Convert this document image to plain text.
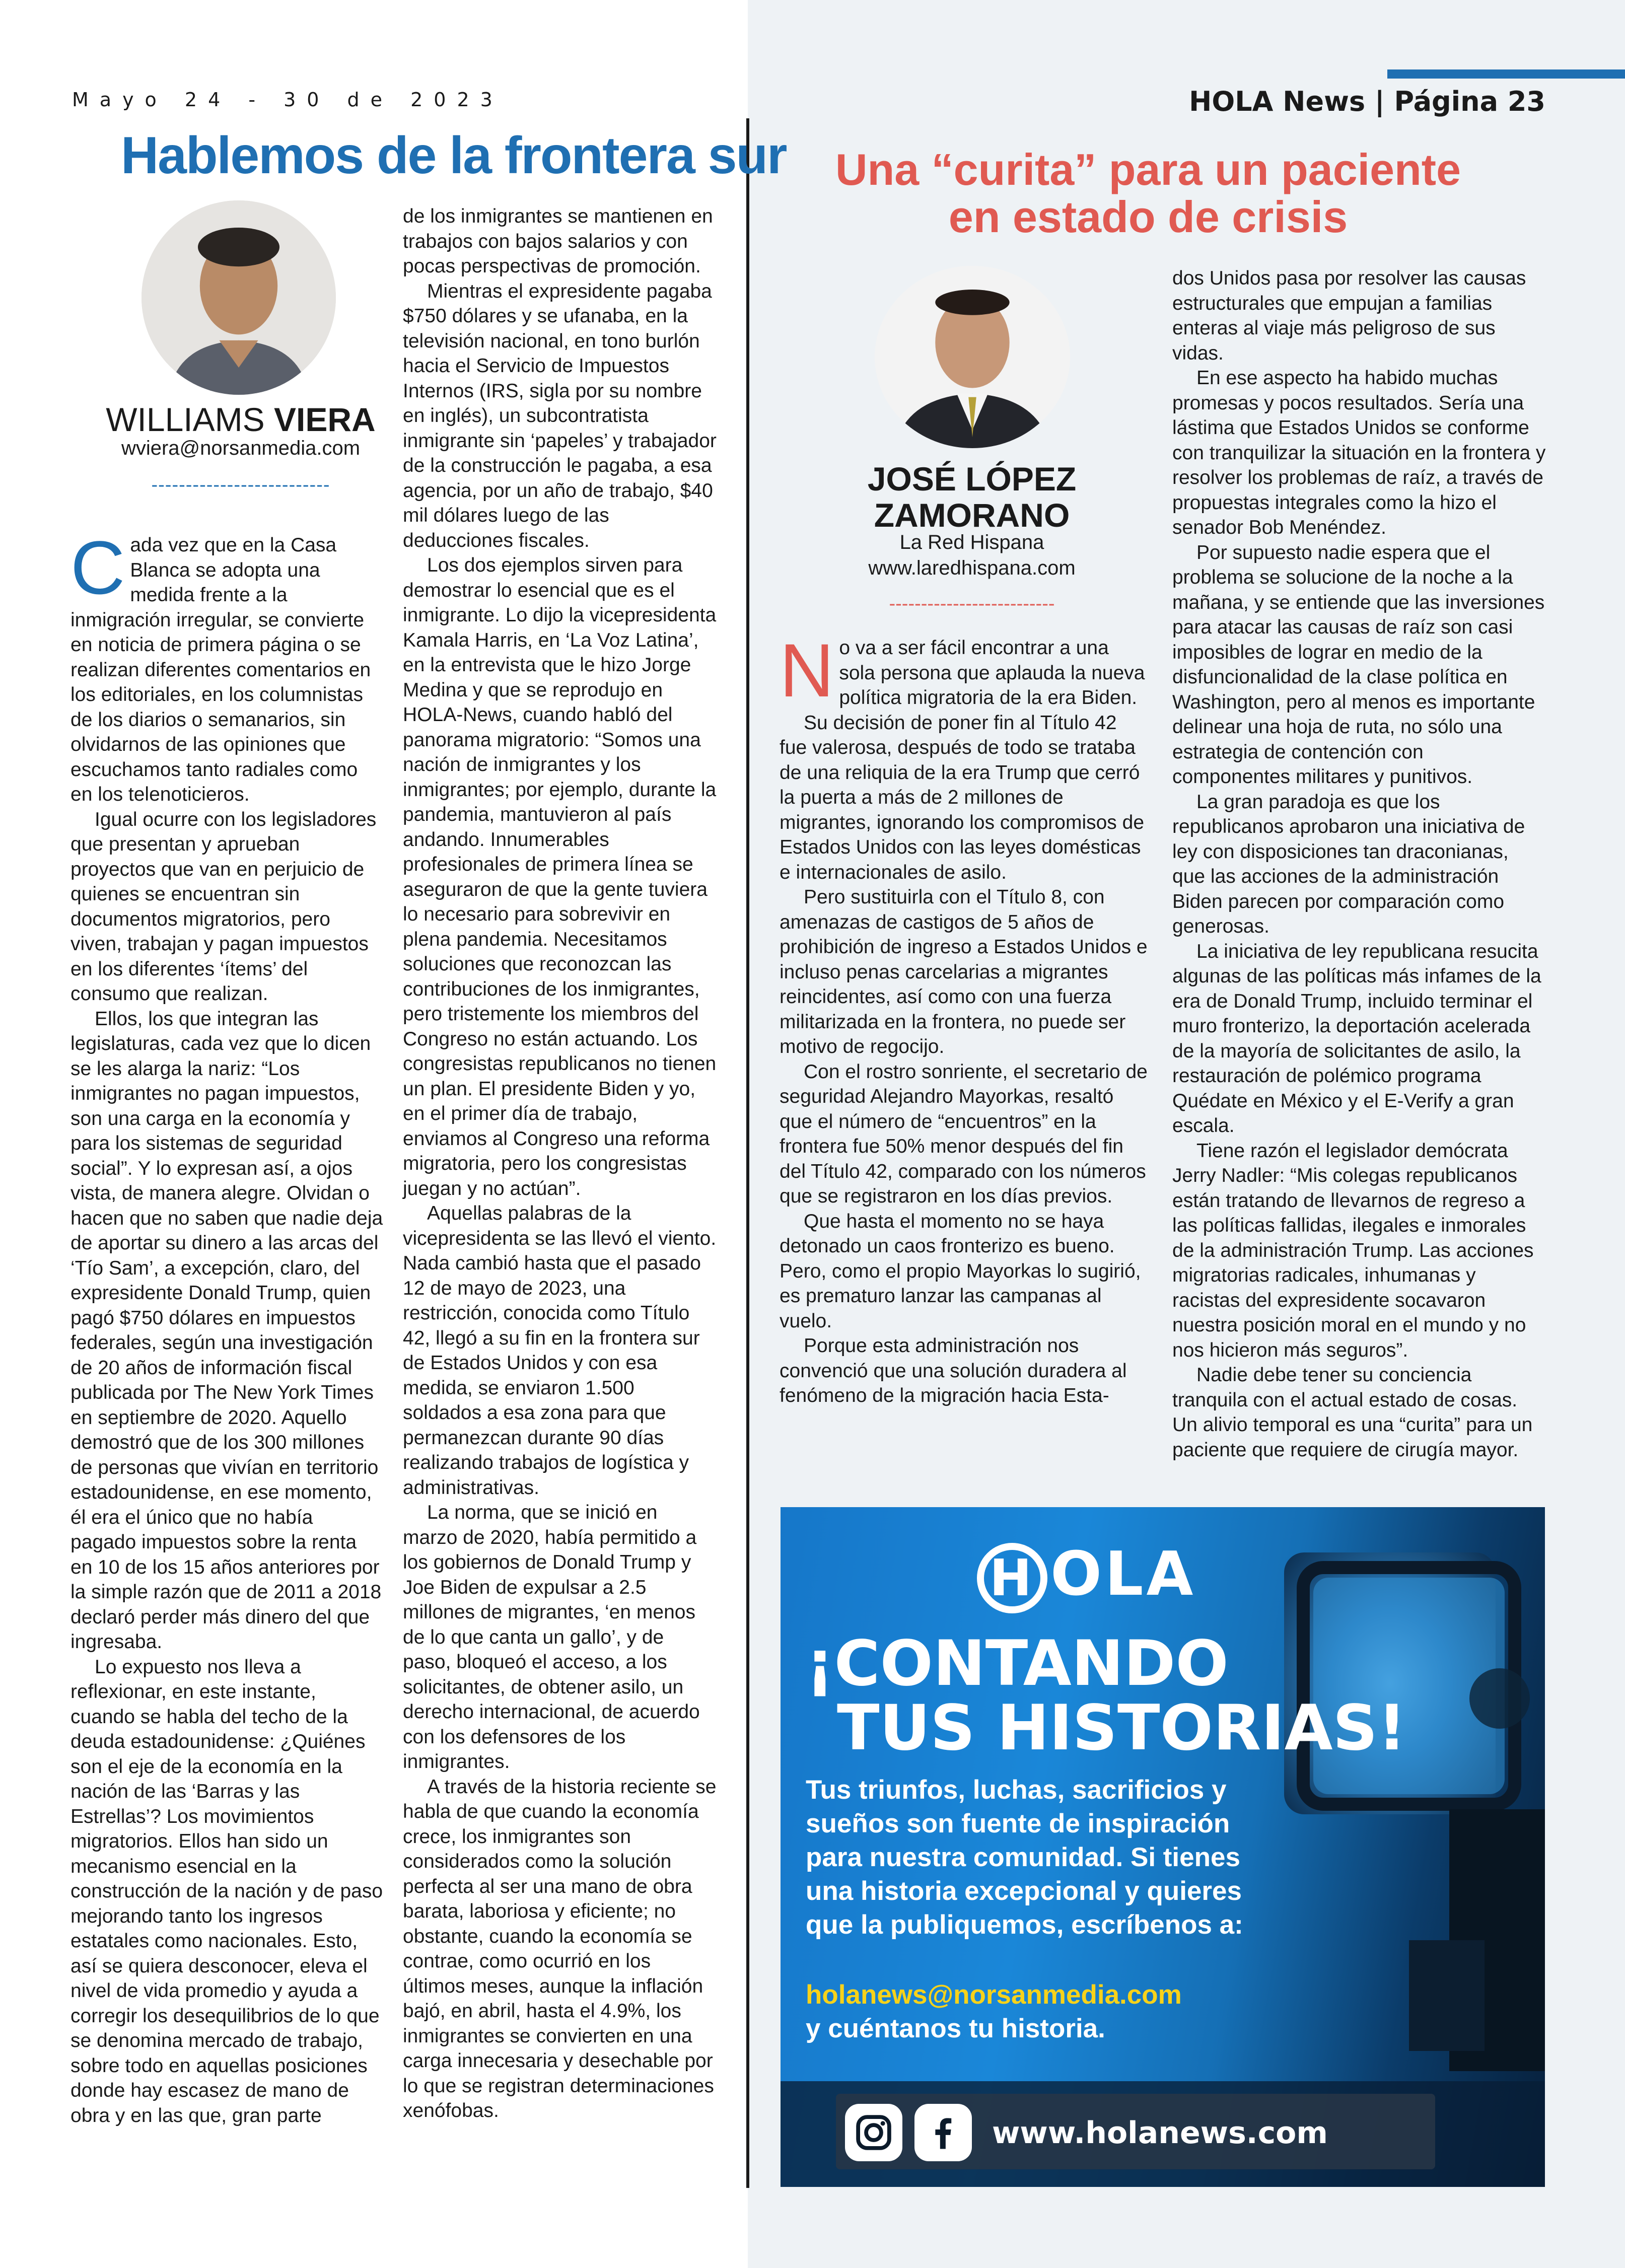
Mayo 24 - 30 de 2023	HOLA News | Página 23
Hablemos de la frontera sur
WILLIAMS VIERA
wviera@norsanmedia.com
--------------------------

Cada vez que en la Casa Blanca se adopta una medida frente a la inmigración irregular, se convierte en noticia de primera página o se realizan diferentes comentarios en los editoriales, en los columnistas de los diarios o semanarios, sin olvidarnos de las opiniones que escuchamos tanto radiales como en los telenoticieros.

Igual ocurre con los legisladores que presentan y aprueban proyectos que van en perjuicio de quienes se encuentran sin documentos migratorios, pero viven, trabajan y pagan impuestos en los diferentes ‘ítems’ del consumo que realizan.

Ellos, los que integran las legislaturas, cada vez que lo dicen se les alarga la nariz: “Los inmigrantes no pagan impuestos, son una carga en la economía y para los sistemas de seguridad social”. Y lo expresan así, a ojos vista, de manera alegre. Olvidan o hacen que no saben que nadie deja de aportar su dinero a las arcas del ‘Tío Sam’, a excepción, claro, del expresidente Donald Trump, quien pagó $750 dólares en impuestos federales, según una investigación de 20 años de información fiscal publicada por The New York Times en septiembre de 2020. Aquello demostró que de los 300 millones de personas que vivían en territorio estadounidense, en ese momento, él era el único que no había pagado impuestos sobre la renta en 10 de los 15 años anteriores por la simple razón que de 2011 a 2018 declaró perder más dinero del que ingresaba.

Lo expuesto nos lleva a reflexionar, en este instante, cuando se habla del techo de la deuda estadounidense: ¿Quiénes son el eje de la economía en la nación de las ‘Barras y las Estrellas’? Los movimientos migratorios. Ellos han sido un mecanismo esencial en la construcción de la nación y de paso mejorando tanto los ingresos estatales como nacionales. Esto, así se quiera desconocer, eleva el nivel de vida promedio y ayuda a corregir los desequilibrios de lo que se denomina mercado de trabajo, sobre todo en aquellas posiciones donde hay escasez de mano de obra y en las que, gran parte

de los inmigrantes se mantienen en trabajos con bajos salarios y con pocas perspectivas de promoción.

Mientras el expresidente pagaba $750 dólares y se ufanaba, en la televisión nacional, en tono burlón hacia el Servicio de Impuestos Internos (IRS, sigla por su nombre en inglés), un subcontratista inmigrante sin ‘papeles’ y trabajador de la construcción le pagaba, a esa agencia, por un año de trabajo, $40 mil dólares luego de las deducciones fiscales.

Los dos ejemplos sirven para demostrar lo esencial que es el inmigrante. Lo dijo la vicepresidenta Kamala Harris, en ‘La Voz Latina’, en la entrevista que le hizo Jorge Medina y que se reprodujo en HOLA-News, cuando habló del panorama migratorio: “Somos una nación de inmigrantes y los inmigrantes; por ejemplo, durante la pandemia, mantuvieron al país andando. Innumerables profesionales de primera línea se aseguraron de que la gente tuviera lo necesario para sobrevivir en plena pandemia. Necesitamos soluciones que reconozcan las contribuciones de los inmigrantes, pero tristemente los miembros del Congreso no están actuando. Los congresistas republicanos no tienen un plan. El presidente Biden y yo, en el primer día de trabajo, enviamos al Congreso una reforma migratoria, pero los congresistas juegan y no actúan”.

Aquellas palabras de la vicepresidenta se las llevó el viento. Nada cambió hasta que el pasado 12 de mayo de 2023, una restricción, conocida como Título 42, llegó a su fin en la frontera sur de Estados Unidos y con esa medida, se enviaron 1.500 soldados a esa zona para que permanezcan durante 90 días realizando trabajos de logística y administrativas.

La norma, que se inició en marzo de 2020, había permitido a los gobiernos de Donald Trump y Joe Biden de expulsar a 2.5 millones de migrantes, ‘en menos de lo que canta un gallo’, y de paso, bloqueó el acceso, a los solicitantes, de obtener asilo, un derecho internacional, de acuerdo con los defensores de los inmigrantes.

A través de la historia reciente se habla de que cuando la economía crece, los inmigrantes son considerados como la solución perfecta al ser una mano de obra barata, laboriosa y eficiente; no obstante, cuando la economía se contrae, como ocurrió en los últimos meses, aunque la inflación bajó, en abril, hasta el 4.9%, los inmigrantes se convierten en una carga innecesaria y desechable por lo que se registran determinaciones xenófobas.

Una “curita” para un paciente en estado de crisis
JOSÉ LÓPEZ
ZAMORANO
La Red Hispana
www.laredhispana.com
--------------------------

No va a ser fácil encontrar a una sola persona que aplauda la nueva política migratoria de la era Biden.

Su decisión de poner fin al Título 42 fue valerosa, después de todo se trataba de una reliquia de la era Trump que cerró la puerta a más de 2 millones de migrantes, ignorando los compromisos de Estados Unidos con las leyes domésticas e internacionales de asilo.

Pero sustituirla con el Título 8, con amenazas de castigos de 5 años de prohibición de ingreso a Estados Unidos e incluso penas carcelarias a migrantes reincidentes, así como con una fuerza militarizada en la frontera, no puede ser motivo de regocijo.

Con el rostro sonriente, el secretario de seguridad Alejandro Mayorkas, resaltó que el número de “encuentros” en la frontera fue 50% menor después del fin del Título 42, comparado con los números que se registraron en los días previos.

Que hasta el momento no se haya detonado un caos fronterizo es bueno. Pero, como el propio Mayorkas lo sugirió, es prematuro lanzar las campanas al vuelo.

Porque esta administración nos convenció que una solución duradera al fenómeno de la migración hacia Esta-

dos Unidos pasa por resolver las causas estructurales que empujan a familias enteras al viaje más peligroso de sus vidas.

En ese aspecto ha habido muchas promesas y pocos resultados. Sería una lástima que Estados Unidos se conforme con tranquilizar la situación en la frontera y resolver los problemas de raíz, a través de propuestas integrales como la hizo el senador Bob Menéndez.

Por supuesto nadie espera que el problema se solucione de la noche a la mañana, y se entiende que las inversiones para atacar las causas de raíz son casi imposibles de lograr en medio de la disfuncionalidad de la clase política en Washington, pero al menos es importante delinear una hoja de ruta, no sólo una estrategia de contención con componentes militares y punitivos.

La gran paradoja es que los republicanos aprobaron una iniciativa de ley con disposiciones tan draconianas, que las acciones de la administración Biden parecen por comparación como generosas.

La iniciativa de ley republicana resucita algunas de las políticas más infames de la era de Donald Trump, incluido terminar el muro fronterizo, la deportación acelerada de la mayoría de solicitantes de asilo, la restauración de polémico programa Quédate en México y el E-Verify a gran escala.

Tiene razón el legislador demócrata Jerry Nadler: “Mis colegas republicanos están tratando de llevarnos de regreso a las políticas fallidas, ilegales e inmorales de la administración Trump. Las acciones migratorias radicales, inhumanas y racistas del expresidente socavaron nuestra posición moral en el mundo y no nos hicieron más seguros”.

Nadie debe tener su conciencia tranquila con el actual estado de cosas. Un alivio temporal es una “curita” para un paciente que requiere de cirugía mayor.

H OLA
¡CONTANDO
TUS HISTORIAS!
Tus triunfos, luchas, sacrificios y sueños son fuente de inspiración para nuestra comunidad. Si tienes una historia excepcional y quieres que la publiquemos, escríbenos a:
holanews@norsanmedia.com
y cuéntanos tu historia.
www.holanews.com
